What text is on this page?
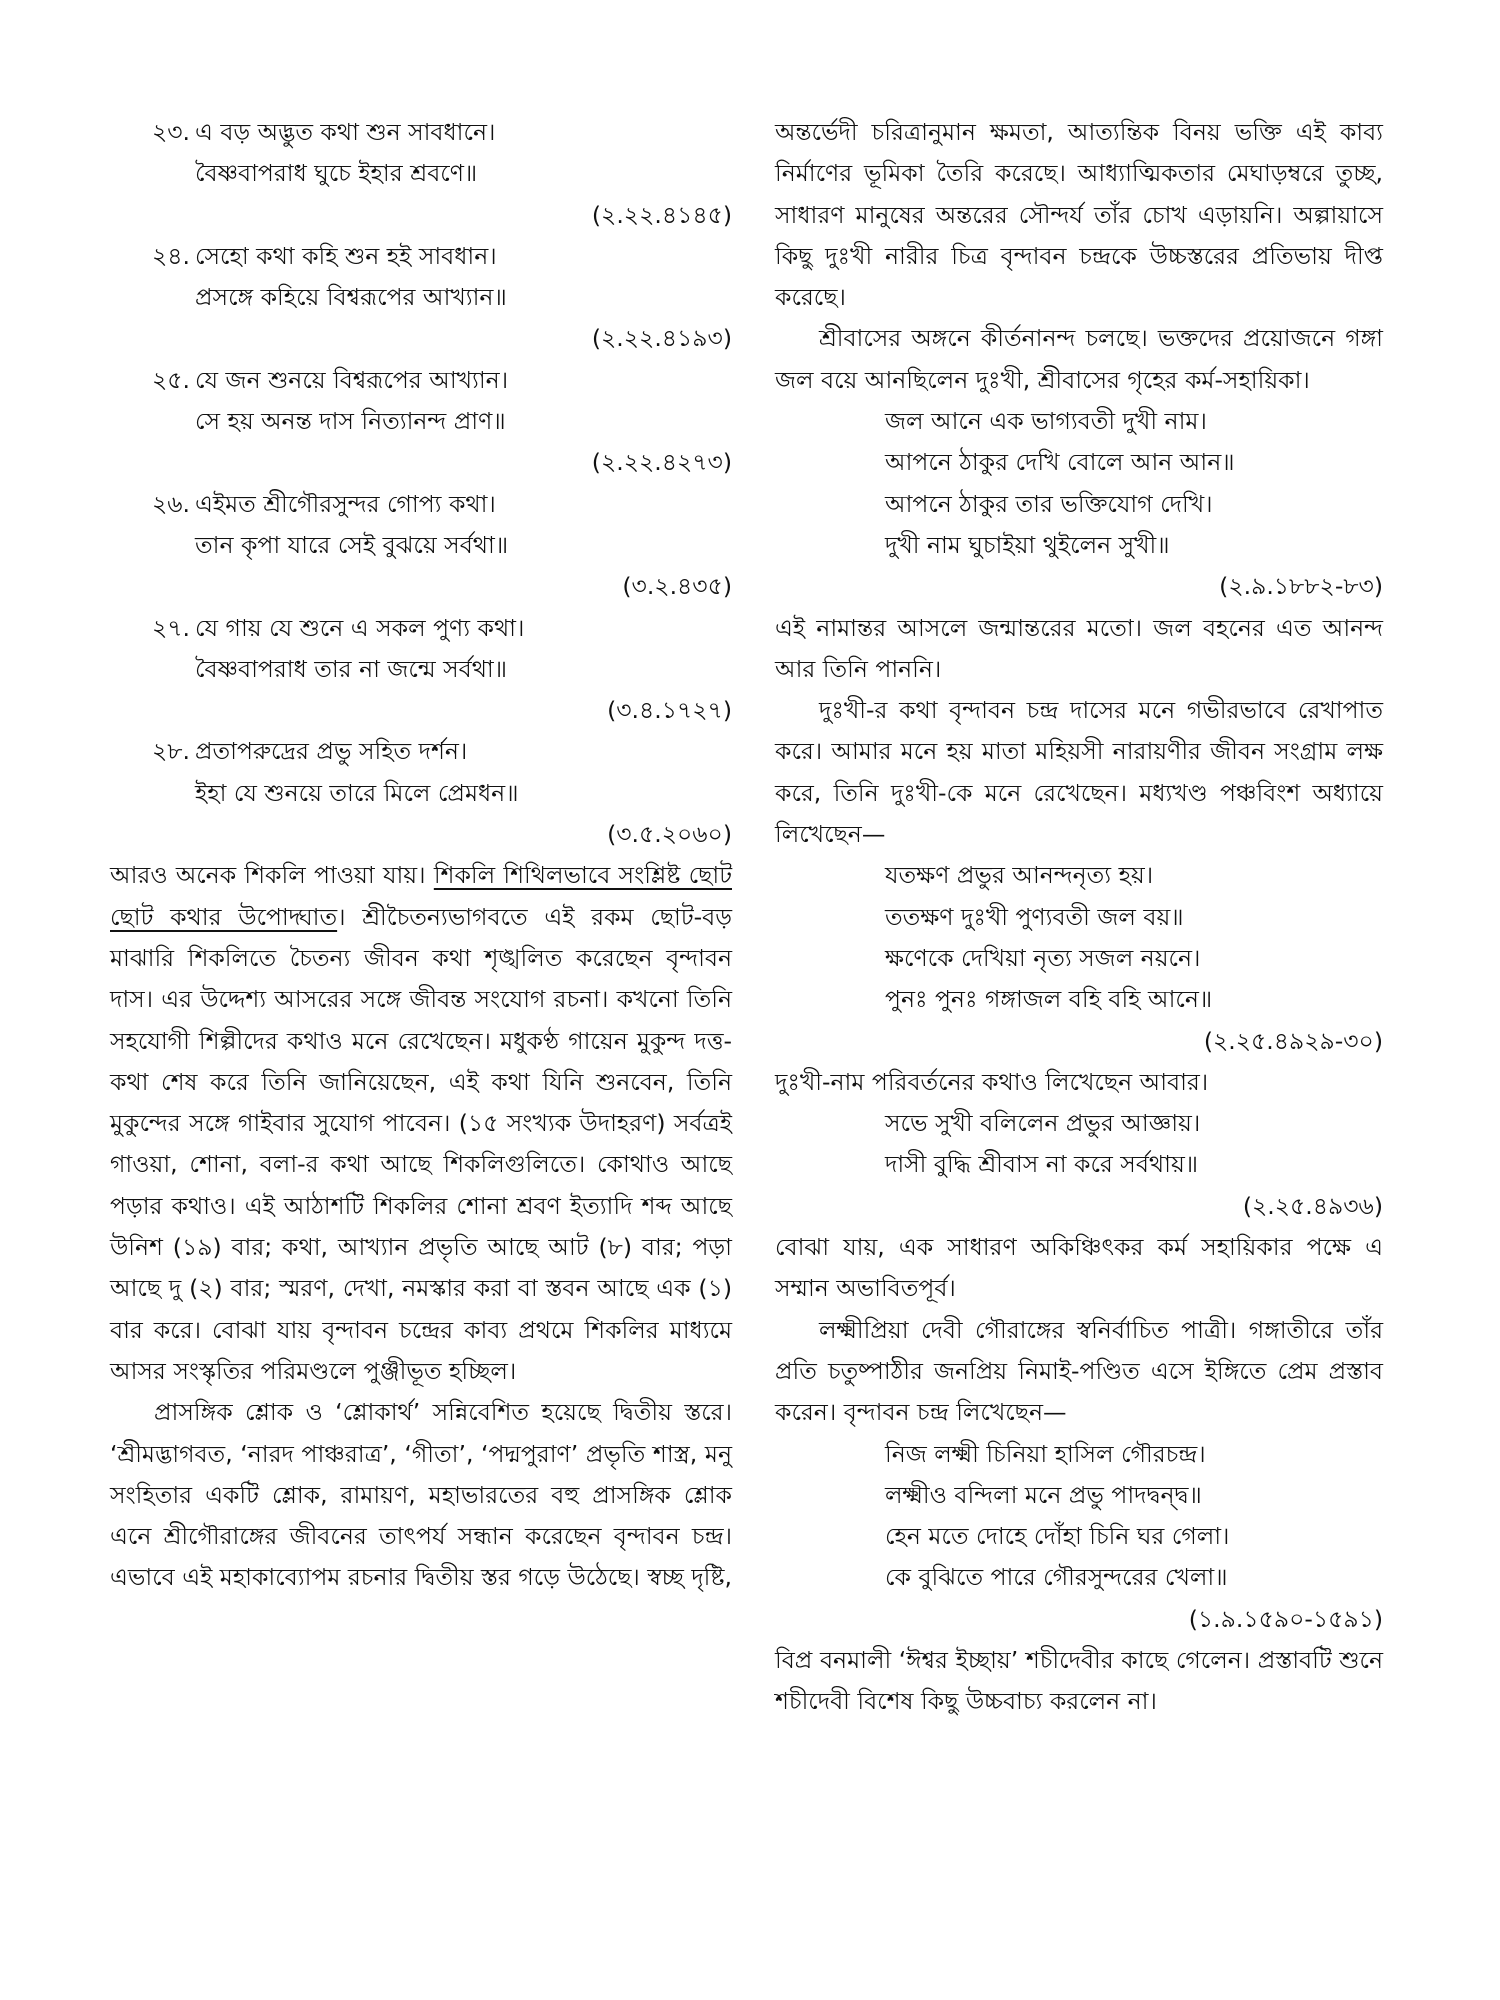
২৩. এ বড় অদ্ভুত কথা শুন সাবধানে।
বৈষ্ণবাপরাধ ঘুচে ইহার শ্রবণে॥
(২.২২.৪১৪৫)
২৪. সেহো কথা কহি শুন হই সাবধান।
প্রসঙ্গে কহিয়ে বিশ্বরূপের আখ্যান॥
(২.২২.৪১৯৩)
২৫. যে জন শুনয়ে বিশ্বরূপের আখ্যান।
সে হয় অনন্ত দাস নিত্যানন্দ প্রাণ॥
(২.২২.৪২৭৩)
২৬. এইমত শ্রীগৌরসুন্দর গোপ্য কথা।
তান কৃপা যারে সেই বুঝয়ে সর্বথা॥
(৩.২.৪৩৫)
২৭. যে গায় যে শুনে এ সকল পুণ্য কথা।
বৈষ্ণবাপরাধ তার না জন্মে সর্বথা॥
(৩.৪.১৭২৭)
২৮. প্রতাপরুদ্রের প্রভু সহিত দর্শন।
ইহা যে শুনয়ে তারে মিলে প্রেমধন॥
(৩.৫.২০৬০)
আরও অনেক শিকলি পাওয়া যায়। শিকলি শিথিলভাবে সংশ্লিষ্ট ছোট ছোট কথার উপোদ্ঘাত। শ্রীচৈতন্যভাগবতে এই রকম ছোট-বড় মাঝারি শিকলিতে চৈতন্য জীবন কথা শৃঙ্খলিত করেছেন বৃন্দাবন দাস। এর উদ্দেশ্য আসরের সঙ্গে জীবন্ত সংযোগ রচনা। কখনো তিনি সহযোগী শিল্পীদের কথাও মনে রেখেছেন। মধুকণ্ঠ গায়েন মুকুন্দ দত্ত-কথা শেষ করে তিনি জানিয়েছেন, এই কথা যিনি শুনবেন, তিনি মুকুন্দের সঙ্গে গাইবার সুযোগ পাবেন। (১৫ সংখ্যক উদাহরণ) সর্বত্রই গাওয়া, শোনা, বলা-র কথা আছে শিকলিগুলিতে। কোথাও আছে পড়ার কথাও। এই আঠাশটি শিকলির শোনা শ্রবণ ইত্যাদি শব্দ আছে উনিশ (১৯) বার; কথা, আখ্যান প্রভৃতি আছে আট (৮) বার; পড়া আছে দু (২) বার; স্মরণ, দেখা, নমস্কার করা বা স্তবন আছে এক (১) বার করে। বোঝা যায় বৃন্দাবন চন্দ্রের কাব্য প্রথমে শিকলির মাধ্যমে আসর সংস্কৃতির পরিমণ্ডলে পুঞ্জীভূত হচ্ছিল।
প্রাসঙ্গিক শ্লোক ও ‘শ্লোকার্থ’ সন্নিবেশিত হয়েছে দ্বিতীয় স্তরে। ‘শ্রীমদ্ভাগবত, ‘নারদ পাঞ্চরাত্র’, ‘গীতা’, ‘পদ্মপুরাণ’ প্রভৃতি শাস্ত্র, মনু সংহিতার একটি শ্লোক, রামায়ণ, মহাভারতের বহু প্রাসঙ্গিক শ্লোক এনে শ্রীগৌরাঙ্গের জীবনের তাৎপর্য সন্ধান করেছেন বৃন্দাবন চন্দ্র। এভাবে এই মহাকাব্যোপম রচনার দ্বিতীয় স্তর গড়ে উঠেছে। স্বচ্ছ দৃষ্টি,
অন্তর্ভেদী চরিত্রানুমান ক্ষমতা, আত্যন্তিক বিনয় ভক্তি এই কাব্য নির্মাণের ভূমিকা তৈরি করেছে। আধ্যাত্মিকতার মেঘাড়ম্বরে তুচ্ছ, সাধারণ মানুষের অন্তরের সৌন্দর্য তাঁর চোখ এড়ায়নি। অল্পায়াসে কিছু দুঃখী নারীর চিত্র বৃন্দাবন চন্দ্রকে উচ্চস্তরের প্রতিভায় দীপ্ত করেছে।
শ্রীবাসের অঙ্গনে কীর্তনানন্দ চলছে। ভক্তদের প্রয়োজনে গঙ্গা জল বয়ে আনছিলেন দুঃখী, শ্রীবাসের গৃহের কর্ম-সহায়িকা।
জল আনে এক ভাগ্যবতী দুখী নাম।
আপনে ঠাকুর দেখি বোলে আন আন॥
আপনে ঠাকুর তার ভক্তিযোগ দেখি।
দুখী নাম ঘুচাইয়া থুইলেন সুখী॥
(২.৯.১৮৮২-৮৩)
এই নামান্তর আসলে জন্মান্তরের মতো। জল বহনের এত আনন্দ আর তিনি পাননি।
দুঃখী-র কথা বৃন্দাবন চন্দ্র দাসের মনে গভীরভাবে রেখাপাত করে। আমার মনে হয় মাতা মহিয়সী নারায়ণীর জীবন সংগ্রাম লক্ষ করে, তিনি দুঃখী-কে মনে রেখেছেন। মধ্যখণ্ড পঞ্চবিংশ অধ্যায়ে লিখেছেন—
যতক্ষণ প্রভুর আনন্দনৃত্য হয়।
ততক্ষণ দুঃখী পুণ্যবতী জল বয়॥
ক্ষণেকে দেখিয়া নৃত্য সজল নয়নে।
পুনঃ পুনঃ গঙ্গাজল বহি বহি আনে॥
(২.২৫.৪৯২৯-৩০)
দুঃখী-নাম পরিবর্তনের কথাও লিখেছেন আবার।
সভে সুখী বলিলেন প্রভুর আজ্ঞায়।
দাসী বুদ্ধি শ্রীবাস না করে সর্বথায়॥
(২.২৫.৪৯৩৬)
বোঝা যায়, এক সাধারণ অকিঞ্চিৎকর কর্ম সহায়িকার পক্ষে এ সম্মান অভাবিতপূর্ব।
লক্ষ্মীপ্রিয়া দেবী গৌরাঙ্গের স্বনির্বাচিত পাত্রী। গঙ্গাতীরে তাঁর প্রতি চতুষ্পাঠীর জনপ্রিয় নিমাই-পণ্ডিত এসে ইঙ্গিতে প্রেম প্রস্তাব করেন। বৃন্দাবন চন্দ্র লিখেছেন—
নিজ লক্ষ্মী চিনিয়া হাসিল গৌরচন্দ্র।
লক্ষ্মীও বন্দিলা মনে প্রভু পাদদ্বন্দ্ব॥
হেন মতে দোহে দোঁহা চিনি ঘর গেলা।
কে বুঝিতে পারে গৌরসুন্দরের খেলা॥
(১.৯.১৫৯০-১৫৯১)
বিপ্র বনমালী ‘ঈশ্বর ইচ্ছায়’ শচীদেবীর কাছে গেলেন। প্রস্তাবটি শুনে শচীদেবী বিশেষ কিছু উচ্চবাচ্য করলেন না।
